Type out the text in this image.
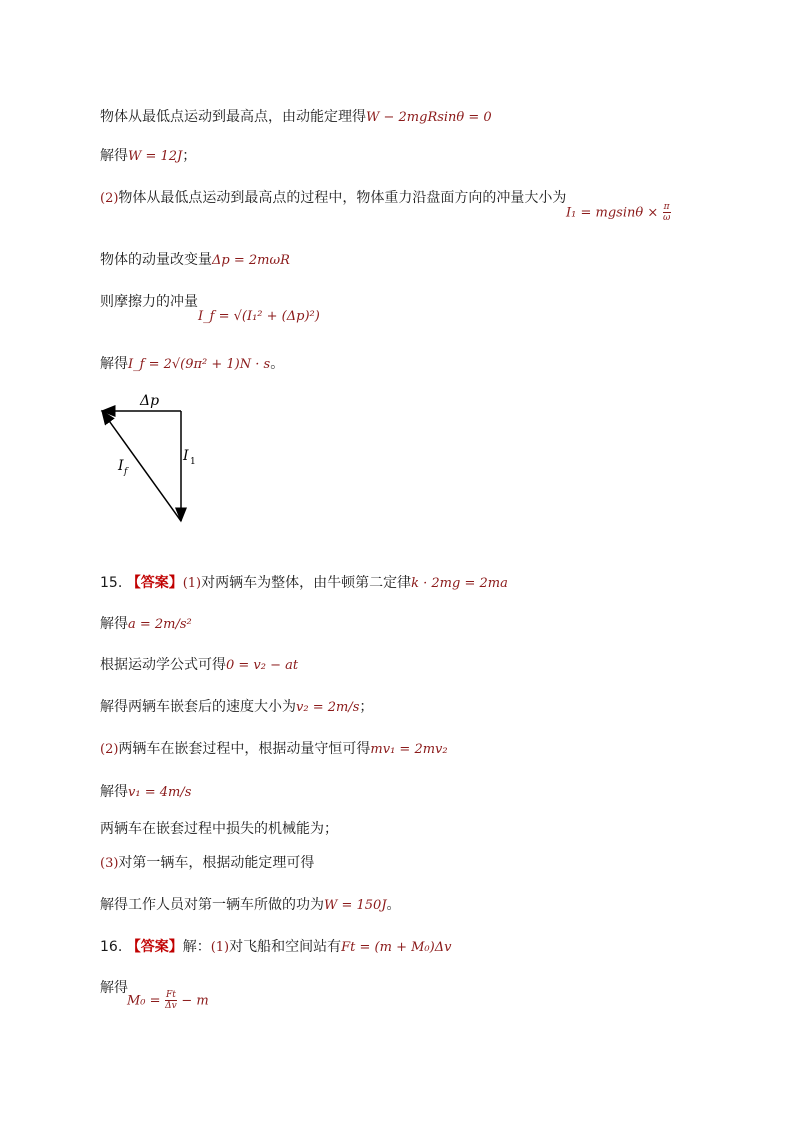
物体从最低点运动到最高点，由动能定理得W − 2mgRsinθ = 0
解得W = 12J；
(2)物体从最低点运动到最高点的过程中，物体重力沿盘面方向的冲量大小为
$I_1 = mgsin\theta \times \frac{\pi}{\omega}$
物体的动量改变量Δp = 2mωR
则摩擦力的冲量
I_f = √(I₁² + (Δp)²)
解得I_f = 2√(9π² + 1)N · s。
Δp
I 1
I f
15. 【答案】(1)对两辆车为整体，由牛顿第二定律k · 2mg = 2ma
解得a = 2m/s²
根据运动学公式可得0 = v₂ − at
解得两辆车嵌套后的速度大小为v₂ = 2m/s；
(2)两辆车在嵌套过程中，根据动量守恒可得mv₁ = 2mv₂
解得v₁ = 4m/s
两辆车在嵌套过程中损失的机械能为；
(3)对第一辆车，根据动能定理可得
解得工作人员对第一辆车所做的功为W = 150J。
16. 【答案】解：(1)对飞船和空间站有Ft = (m + M₀)Δv
解得
$M_0 = \frac{Ft}{\Delta v} - m$
